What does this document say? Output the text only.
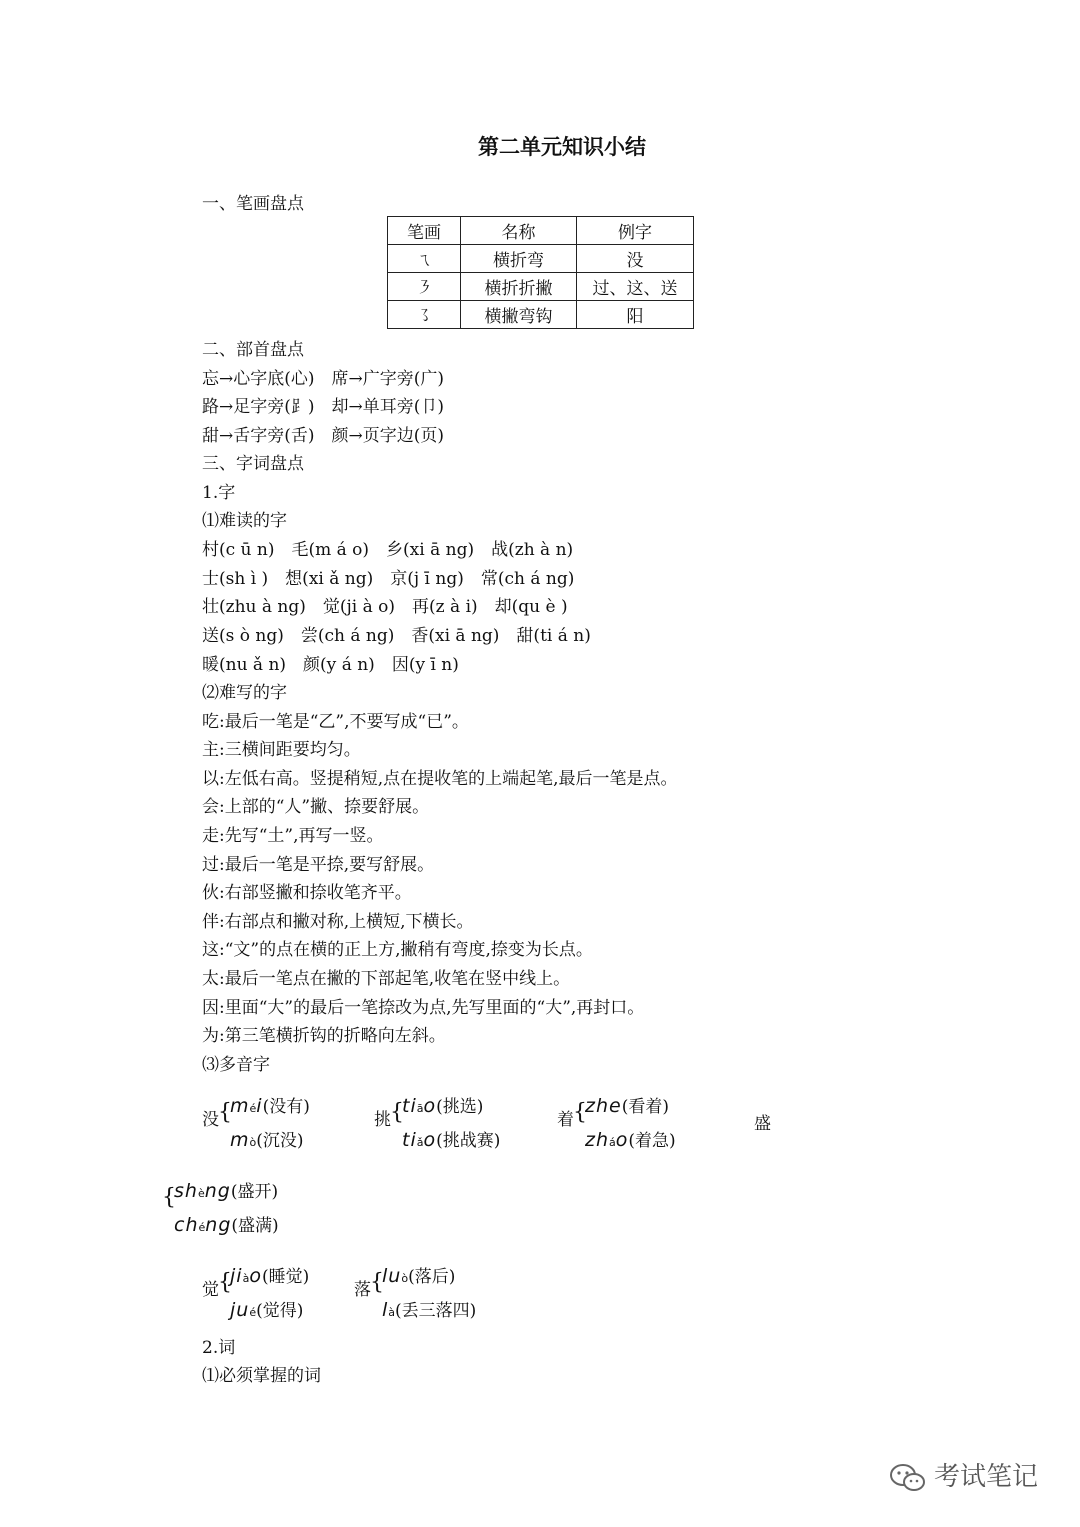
第二单元知识小结
一、笔画盘点
笔画	名称	例字
ㄟ	横折弯	没
㇋	横折折撇	过、这、送
㇌	横撇弯钩	阳
二、部首盘点
忘→心字底(心)　席→广字旁(广)
路→足字旁(⻊)　却→单耳旁(卩)
甜→舌字旁(舌)　颜→页字边(页)
三、字词盘点
1.字
⑴难读的字
村(c ū n)　毛(m á o)　乡(xi ā ng)　战(zh à n)
士(sh ì )　想(xi ǎ ng)　京(j ī ng)　常(ch á ng)
壮(zhu à ng)　觉(ji à o)　再(z à i)　却(qu è )
送(s ò ng)　尝(ch á ng)　香(xi ā ng)　甜(ti á n)
暖(nu ǎ n)　颜(y á n)　因(y ī n)
⑵难写的字
吃:最后一笔是“乙”,不要写成“已”。
主:三横间距要均匀。
以:左低右高。竖提稍短,点在提收笔的上端起笔,最后一笔是点。
会:上部的“人”撇、捺要舒展。
走:先写“土”,再写一竖。
过:最后一笔是平捺,要写舒展。
伙:右部竖撇和捺收笔齐平。
伴:右部点和撇对称,上横短,下横长。
这:“文”的点在横的正上方,撇稍有弯度,捺变为长点。
太:最后一笔点在撇的下部起笔,收笔在竖中线上。
因:里面“大”的最后一笔捺改为点,先写里面的“大”,再封口。
为:第三笔横折钩的折略向左斜。
⑶多音字
没 {
méi(没有)
mò(沉没)
挑 {
tiāo(挑选)
tiǎo(挑战赛)
着 {
zhe(看着)
zháo(着急)
盛
{
shèng(盛开)
chéng(盛满)
觉 {
jiào(睡觉)
jué(觉得)
落 {
luò(落后)
là(丢三落四)
2.词
⑴必须掌握的词
考试笔记
